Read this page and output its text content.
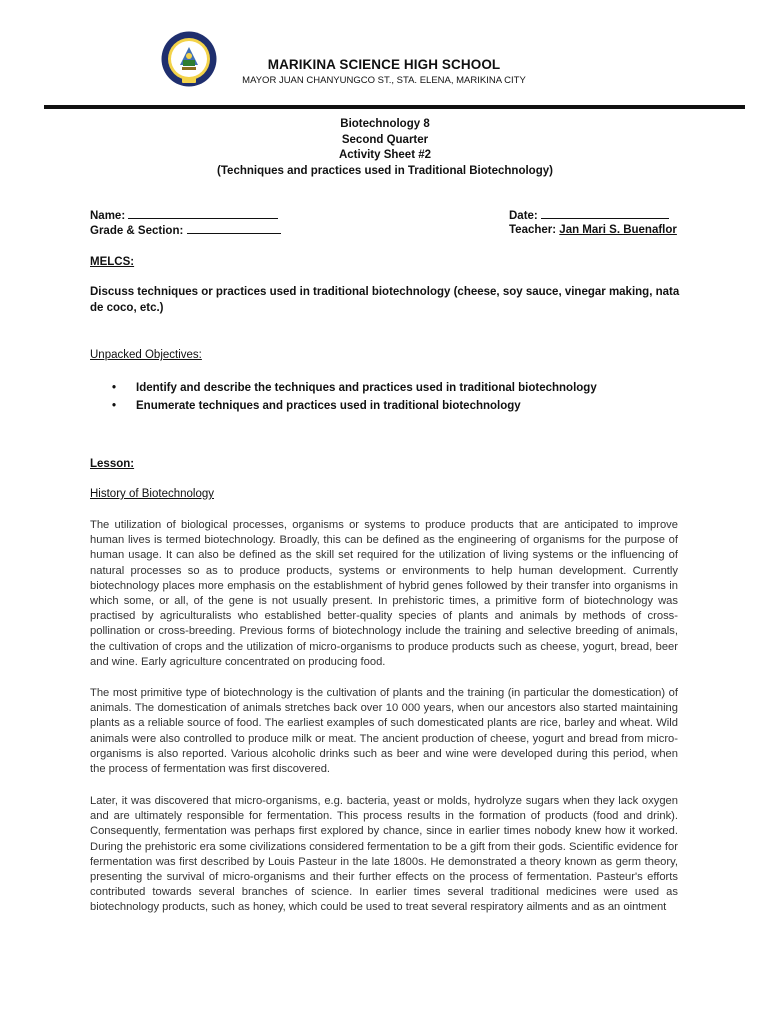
MARIKINA SCIENCE HIGH SCHOOL
MAYOR JUAN CHANYUNGCO ST., STA. ELENA, MARIKINA CITY
Biotechnology 8
Second Quarter
Activity Sheet #2
(Techniques and practices used in Traditional Biotechnology)
Name:
Grade & Section:
Date:
Teacher: Jan Mari S. Buenaflor
MELCS:
Discuss techniques or practices used in traditional biotechnology (cheese, soy sauce, vinegar making, nata de coco, etc.)
Unpacked Objectives:
• Identify and describe the techniques and practices used in traditional biotechnology
• Enumerate techniques and practices used in traditional biotechnology
Lesson:
History of Biotechnology

The utilization of biological processes, organisms or systems to produce products that are anticipated to improve human lives is termed biotechnology. Broadly, this can be defined as the engineering of organisms for the purpose of human usage. It can also be defined as the skill set required for the utilization of living systems or the influencing of natural processes so as to produce products, systems or environments to help human development. Currently biotechnology places more emphasis on the establishment of hybrid genes followed by their transfer into organisms in which some, or all, of the gene is not usually present. In prehistoric times, a primitive form of biotechnology was practised by agriculturalists who established better-quality species of plants and animals by methods of cross-pollination or cross-breeding. Previous forms of biotechnology include the training and selective breeding of animals, the cultivation of crops and the utilization of micro-organisms to produce products such as cheese, yogurt, bread, beer and wine. Early agriculture concentrated on producing food.

The most primitive type of biotechnology is the cultivation of plants and the training (in particular the domestication) of animals. The domestication of animals stretches back over 10 000 years, when our ancestors also started maintaining plants as a reliable source of food. The earliest examples of such domesticated plants are rice, barley and wheat. Wild animals were also controlled to produce milk or meat. The ancient production of cheese, yogurt and bread from micro-organisms is also reported. Various alcoholic drinks such as beer and wine were developed during this period, when the process of fermentation was first discovered.

Later, it was discovered that micro-organisms, e.g. bacteria, yeast or molds, hydrolyze sugars when they lack oxygen and are ultimately responsible for fermentation. This process results in the formation of products (food and drink). Consequently, fermentation was perhaps first explored by chance, since in earlier times nobody knew how it worked. During the prehistoric era some civilizations considered fermentation to be a gift from their gods. Scientific evidence for fermentation was first described by Louis Pasteur in the late 1800s. He demonstrated a theory known as germ theory, presenting the survival of micro-organisms and their further effects on the process of fermentation. Pasteur's efforts contributed towards several branches of science. In earlier times several traditional medicines were used as biotechnology products, such as honey, which could be used to treat several respiratory ailments and as an ointment
